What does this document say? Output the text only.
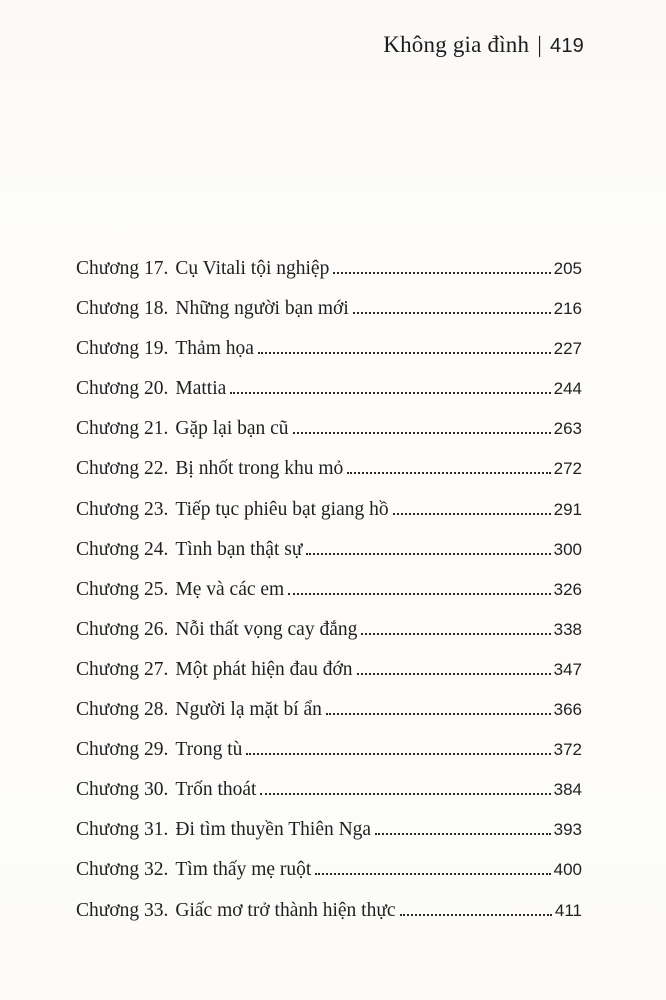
Không gia đình | 419
Chương 17. Cụ Vitali tội nghiệp	205
Chương 18. Những người bạn mới	216
Chương 19. Thảm họa	227
Chương 20. Mattia	244
Chương 21. Gặp lại bạn cũ	263
Chương 22. Bị nhốt trong khu mỏ	272
Chương 23. Tiếp tục phiêu bạt giang hồ	291
Chương 24. Tình bạn thật sự	300
Chương 25. Mẹ và các em	326
Chương 26. Nỗi thất vọng cay đắng	338
Chương 27. Một phát hiện đau đớn	347
Chương 28. Người lạ mặt bí ẩn	366
Chương 29. Trong tù	372
Chương 30. Trốn thoát	384
Chương 31. Đi tìm thuyền Thiên Nga	393
Chương 32. Tìm thấy mẹ ruột	400
Chương 33. Giấc mơ trở thành hiện thực	411
